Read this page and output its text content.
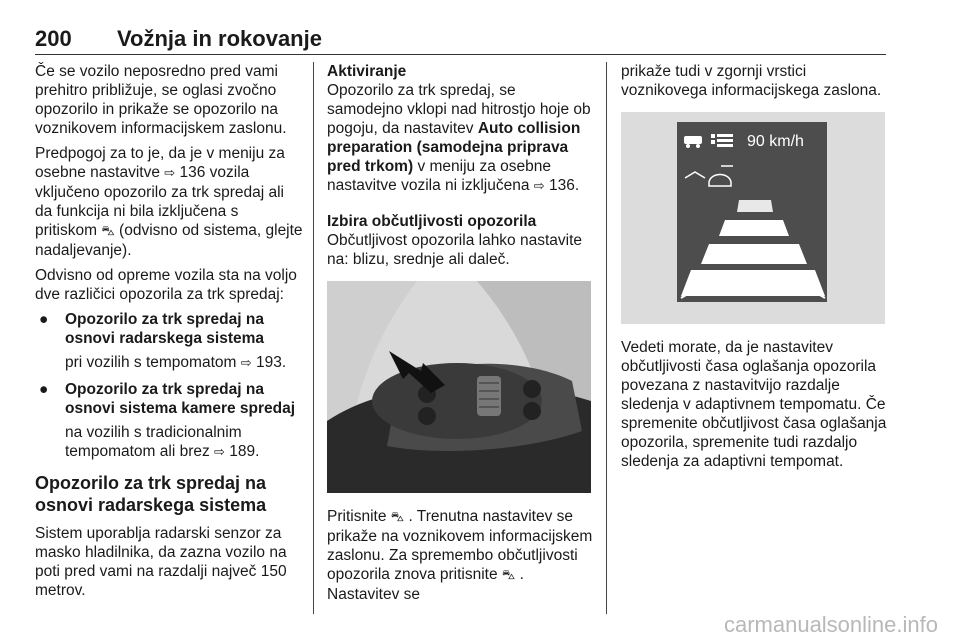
200 Vožnja in rokovanje

Če se vozilo neposredno pred vami prehitro približuje, se oglasi zvočno opozorilo in prikaže se opozorilo na voznikovem informacijskem zaslonu.

Predpogoj za to je, da je v meniju za osebne nastavitve ⇨ 136 vozila vključeno opozorilo za trk spredaj ali da funkcija ni bila izključena s pritiskom ⛍ (odvisno od sistema, glejte nadaljevanje).

Odvisno od opreme vozila sta na voljo dve različici opozorila za trk spredaj:

● Opozorilo za trk spredaj na osnovi radarskega sistema

pri vozilih s tempomatom ⇨ 193.

● Opozorilo za trk spredaj na osnovi sistema kamere spredaj

na vozilih s tradicionalnim tempomatom ali brez ⇨ 189.

Opozorilo za trk spredaj na osnovi radarskega sistema

Sistem uporablja radarski senzor za masko hladilnika, da zazna vozilo na poti pred vami na razdalji največ 150 metrov.

Aktiviranje

Opozorilo za trk spredaj, se samodejno vklopi nad hitrostjo hoje ob pogoju, da nastavitev Auto collision preparation (samodejna priprava pred trkom) v meniju za osebne nastavitve vozila ni izključena ⇨ 136.

Izbira občutljivosti opozorila

Občutljivost opozorila lahko nastavite na: blizu, srednje ali daleč.

Pritisnite ⛍ . Trenutna nastavitev se prikaže na voznikovem informacijskem zaslonu. Za spremembo občutljivosti opozorila znova pritisnite ⛍ . Nastavitev se

prikaže tudi v zgornji vrstici voznikovega informacijskega zaslona.

90 km/h

Vedeti morate, da je nastavitev občutljivosti časa oglašanja opozorila povezana z nastavitvijo razdalje sledenja v adaptivnem tempomatu. Če spremenite občutljivost časa oglašanja opozorila, spremenite tudi razdaljo sledenja za adaptivni tempomat.

carmanualsonline.info
